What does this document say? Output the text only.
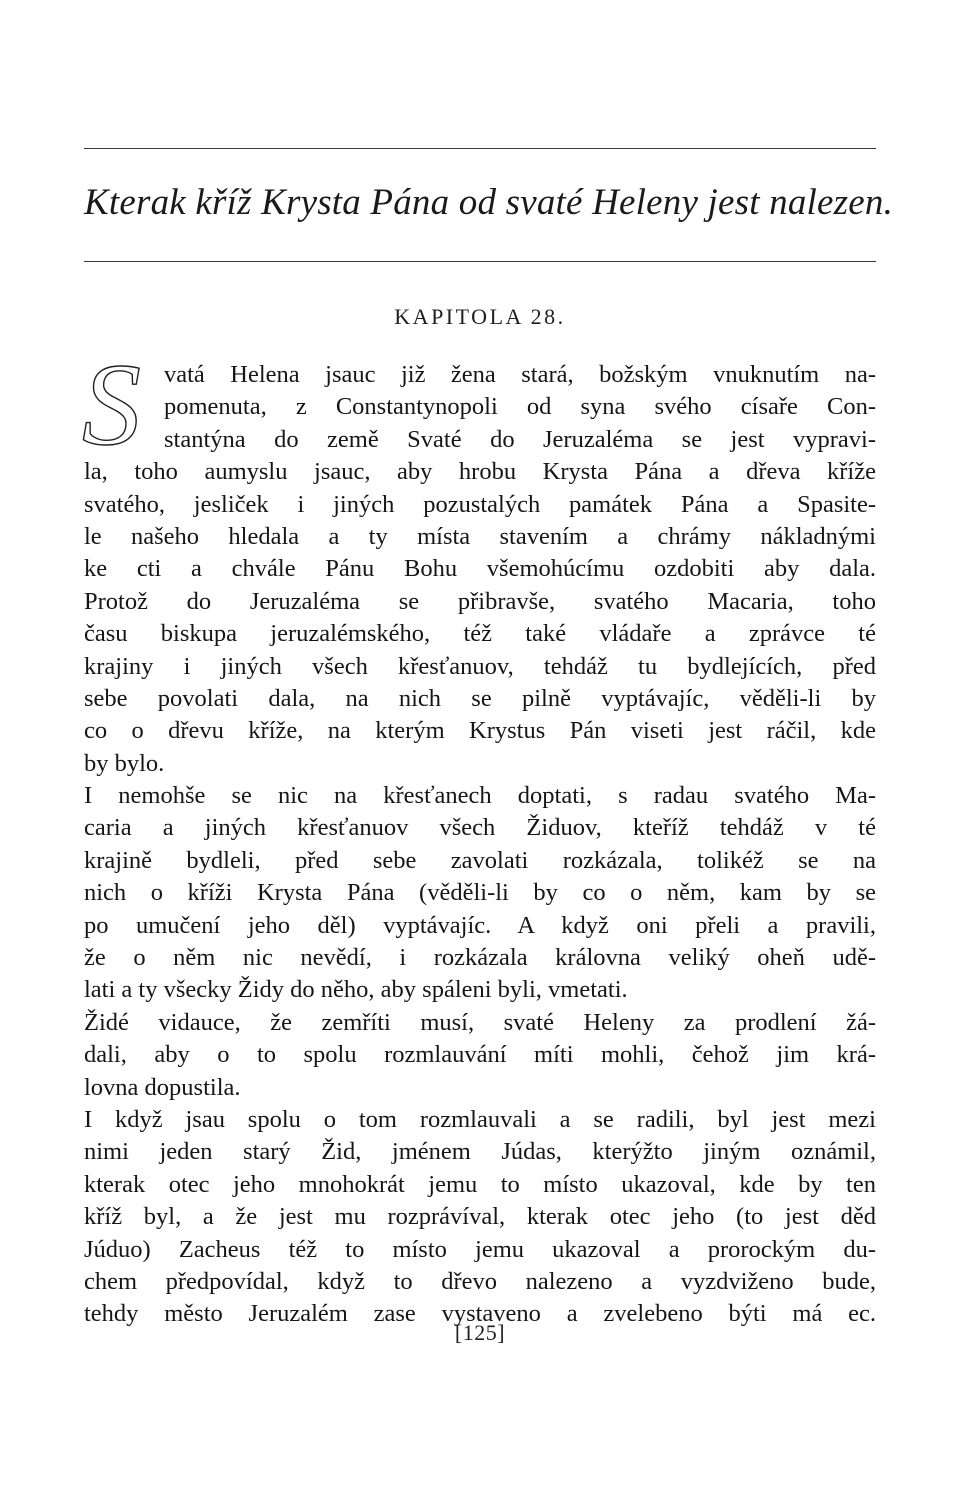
Kterak kříž Krysta Pána od svaté Heleny jest nalezen.
KAPITOLA 28.
S vatá Helena jsauc již žena stará, božským vnuknutím na-
pomenuta, z Constantynopoli od syna svého císaře Con-
stantýna do země Svaté do Jeruzaléma se jest vypravi-
la, toho aumyslu jsauc, aby hrobu Krysta Pána a dřeva kříže
svatého, jesliček i jiných pozustalých památek Pána a Spasite-
le našeho hledala a ty místa stavením a chrámy nákladnými
ke cti a chvále Pánu Bohu všemohúcímu ozdobiti aby dala.
Protož do Jeruzaléma se přibravše, svatého Macaria, toho
času biskupa jeruzalémského, též také vládaře a zprávce té
krajiny i jiných všech křesťanuov, tehdáž tu bydlejících, před
sebe povolati dala, na nich se pilně vyptávajíc, věděli-li by
co o dřevu kříže, na kterým Krystus Pán viseti jest ráčil, kde
by bylo.
I nemohše se nic na křesťanech doptati, s radau svatého Ma-
caria a jiných křesťanuov všech Židuov, kteříž tehdáž v té
krajině bydleli, před sebe zavolati rozkázala, tolikéž se na
nich o kříži Krysta Pána (věděli-li by co o něm, kam by se
po umučení jeho děl) vyptávajíc. A když oni přeli a pravili,
že o něm nic nevědí, i rozkázala královna veliký oheň udě-
lati a ty všecky Židy do něho, aby spáleni byli, vmetati.
Židé vidauce, že zemříti musí, svaté Heleny za prodlení žá-
dali, aby o to spolu rozmlauvání míti mohli, čehož jim krá-
lovna dopustila.
I když jsau spolu o tom rozmlauvali a se radili, byl jest mezi
nimi jeden starý Žid, jménem Júdas, kterýžto jiným oznámil,
kterak otec jeho mnohokrát jemu to místo ukazoval, kde by ten
kříž byl, a že jest mu rozprávíval, kterak otec jeho (to jest děd
Júduo) Zacheus též to místo jemu ukazoval a prorockým du-
chem předpovídal, když to dřevo nalezeno a vyzdviženo bude,
tehdy město Jeruzalém zase vystaveno a zvelebeno býti má ec.
[125]
